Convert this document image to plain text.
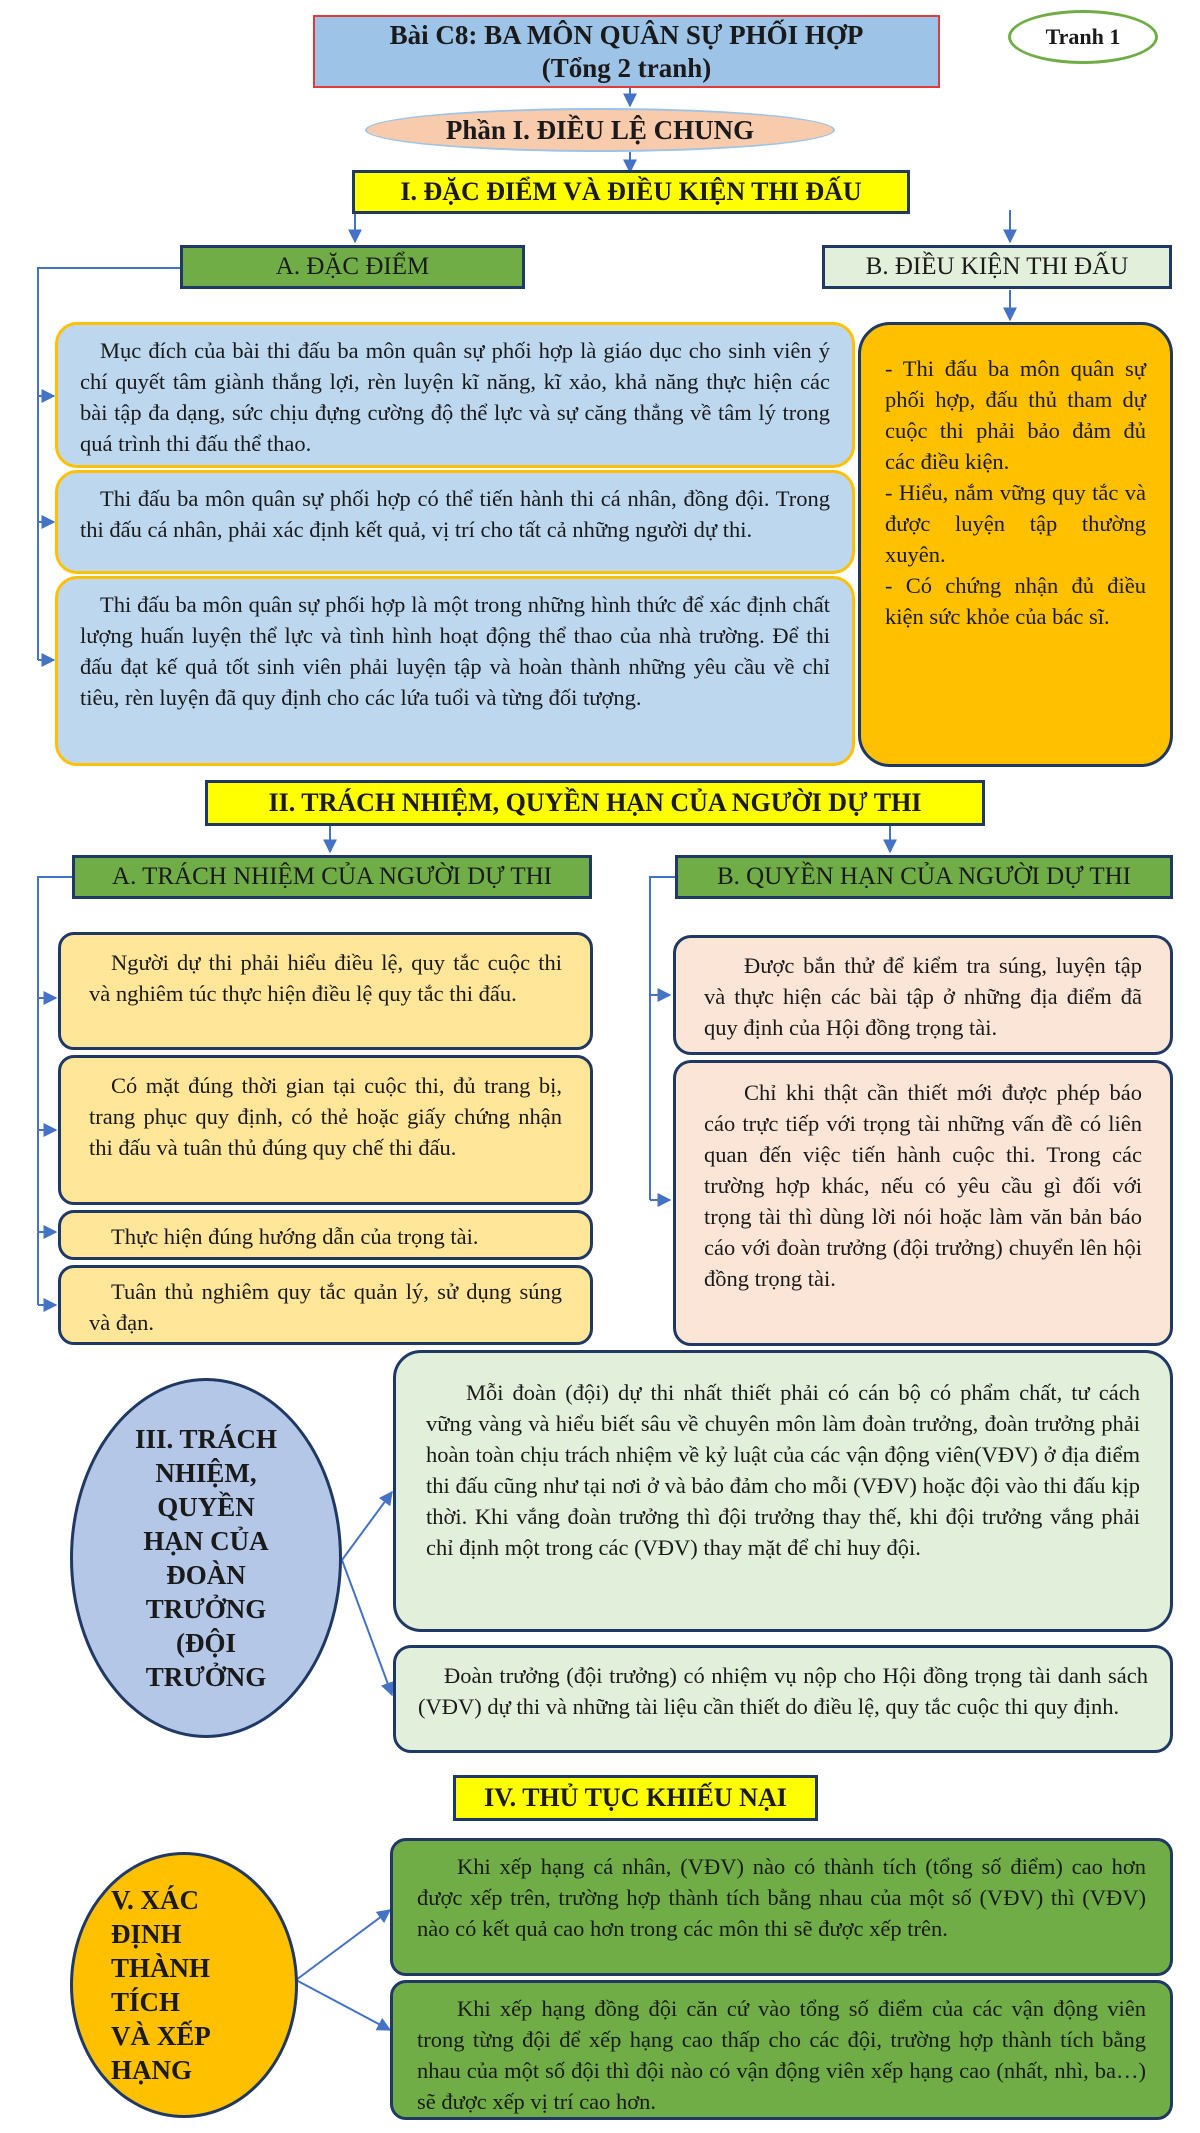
Bài C8: BA MÔN QUÂN SỰ PHỐI HỢP
(Tổng 2 tranh)
Tranh 1
Phần I. ĐIỀU LỆ CHUNG
I. ĐẶC ĐIỂM VÀ ĐIỀU KIỆN THI ĐẤU
A. ĐẶC ĐIỂM	B. ĐIỀU KIỆN THI ĐẤU
Mục đích của bài thi đấu ba môn quân sự phối hợp là giáo dục cho sinh viên ý chí quyết tâm giành thắng lợi, rèn luyện kĩ năng, kĩ xảo, khả năng thực hiện các bài tập đa dạng, sức chịu đựng cường độ thể lực và sự căng thẳng về tâm lý trong quá trình thi đấu thể thao.
Thi đấu ba môn quân sự phối hợp có thể tiến hành thi cá nhân, đồng đội. Trong thi đấu cá nhân, phải xác định kết quả, vị trí cho tất cả những người dự thi.
Thi đấu ba môn quân sự phối hợp là một trong những hình thức để xác định chất lượng huấn luyện thể lực và tình hình hoạt động thể thao của nhà trường. Để thi đấu đạt kế quả tốt sinh viên phải luyện tập và hoàn thành những yêu cầu về chỉ tiêu, rèn luyện đã quy định cho các lứa tuổi và từng đối tượng.
- Thi đấu ba môn quân sự phối hợp, đấu thủ tham dự cuộc thi phải bảo đảm đủ các điều kiện.
- Hiểu, nắm vững quy tắc và được luyện tập thường xuyên.
- Có chứng nhận đủ điều kiện sức khỏe của bác sĩ.
II. TRÁCH NHIỆM, QUYỀN HẠN CỦA NGƯỜI DỰ THI
A. TRÁCH NHIỆM CỦA NGƯỜI DỰ THI	B. QUYỀN HẠN CỦA NGƯỜI DỰ THI
Người dự thi phải hiểu điều lệ, quy tắc cuộc thi và nghiêm túc thực hiện điều lệ quy tắc thi đấu.
Có mặt đúng thời gian tại cuộc thi, đủ trang bị, trang phục quy định, có thẻ hoặc giấy chứng nhận thi đấu và tuân thủ đúng quy chế thi đấu.
Thực hiện đúng hướng dẫn của trọng tài.
Tuân thủ nghiêm quy tắc quản lý, sử dụng súng và đạn.
Được bắn thử để kiểm tra súng, luyện tập và thực hiện các bài tập ở những địa điểm đã quy định của Hội đồng trọng tài.
Chỉ khi thật cần thiết mới được phép báo cáo trực tiếp với trọng tài những vấn đề có liên quan đến việc tiến hành cuộc thi. Trong các trường hợp khác, nếu có yêu cầu gì đối với trọng tài thì dùng lời nói hoặc làm văn bản báo cáo với đoàn trưởng (đội trưởng) chuyển lên hội đồng trọng tài.
III. TRÁCH
NHIỆM,
QUYỀN
HẠN CỦA
ĐOÀN
TRƯỞNG
(ĐỘI
TRƯỞNG
Mỗi đoàn (đội) dự thi nhất thiết phải có cán bộ có phẩm chất, tư cách vững vàng và hiểu biết sâu về chuyên môn làm đoàn trưởng, đoàn trưởng phải hoàn toàn chịu trách nhiệm về kỷ luật của các vận động viên(VĐV) ở địa điểm thi đấu cũng như tại nơi ở và bảo đảm cho mỗi (VĐV) hoặc đội vào thi đấu kịp thời. Khi vắng đoàn trưởng thì đội trưởng thay thế, khi đội trưởng vắng phải chỉ định một trong các (VĐV) thay mặt để chỉ huy đội.
Đoàn trưởng (đội trưởng) có nhiệm vụ nộp cho Hội đồng trọng tài danh sách (VĐV) dự thi và những tài liệu cần thiết do điều lệ, quy tắc cuộc thi quy định.
IV. THỦ TỤC KHIẾU NẠI
V. XÁC
ĐỊNH
THÀNH
TÍCH
VÀ XẾP
HẠNG
Khi xếp hạng cá nhân, (VĐV) nào có thành tích (tổng số điểm) cao hơn được xếp trên, trường hợp thành tích bằng nhau của một số (VĐV) thì (VĐV) nào có kết quả cao hơn trong các môn thi sẽ được xếp trên.
Khi xếp hạng đồng đội căn cứ vào tổng số điểm của các vận động viên trong từng đội để xếp hạng cao thấp cho các đội, trường hợp thành tích bằng nhau của một số đội thì đội nào có vận động viên xếp hạng cao (nhất, nhì, ba…) sẽ được xếp vị trí cao hơn.
